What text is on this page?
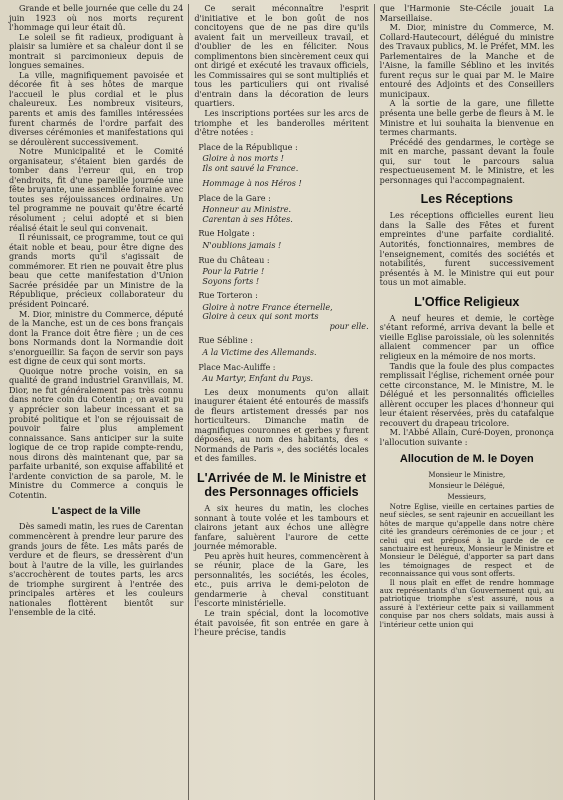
Grande et belle journée que celle du 24 juin 1923 où nos morts reçurent l'hommage qui leur était dû.

Le soleil se fit radieux, prodiguant à plaisir sa lumière et sa chaleur dont il se montrait si parcimonieux depuis de longues semaines.

La ville, magnifiquement pavoisée et décorée fit à ses hôtes de marque l'accueil le plus cordial et le plus chaleureux. Les nombreux visiteurs, parents et amis des familles intéressées furent charmés de l'ordre parfait des diverses cérémonies et manifestations qui se déroulèrent successivement.

Notre Municipalité et le Comité organisateur, s'étaient bien gardés de tomber dans l'erreur qui, en trop d'endroits, fit d'une pareille journée une fête bruyante, une assemblée foraine avec toutes ses réjouissances ordinaires. Un tel programme ne pouvait qu'être écarté résolument ; celui adopté et si bien réalisé était le seul qui convenait.

Il réunissait, ce programme, tout ce qui était noble et beau, pour être digne des grands morts qu'il s'agissait de commémorer. Et rien ne pouvait être plus beau que cette manifestation d'Union Sacrée présidée par un Ministre de la République, précieux collaborateur du président Poincaré.

M. Dior, ministre du Commerce, député de la Manche, est un de ces bons français dont la France doit être fière ; un de ces bons Normands dont la Normandie doit s'enorgueillir. Sa façon de servir son pays est digne de ceux qui sont morts.

Quoique notre proche voisin, en sa qualité de grand industriel Granvillais, M. Dior, ne fut généralement pas très connu dans notre coin du Cotentin ; on avait pu y apprécier son labeur incessant et sa probité politique et l'on se réjouissait de pouvoir faire plus amplement connaissance. Sans anticiper sur la suite logique de ce trop rapide compte-rendu, nous dirons dès maintenant que, par sa parfaite urbanité, son exquise affabilité et l'ardente conviction de sa parole, M. le Ministre du Commerce a conquis le Cotentin.

L'aspect de la Ville

Dès samedi matin, les rues de Carentan commencèrent à prendre leur parure des grands jours de fête. Les mâts parés de verdure et de fleurs, se dressèrent d'un bout à l'autre de la ville, les guirlandes s'accrochèrent de toutes parts, les arcs de triomphe surgirent à l'entrée des principales artères et les couleurs nationales flottèrent bientôt sur l'ensemble de la cité.

Ce serait méconnaître l'esprit d'initiative et le bon goût de nos concitoyens que de ne pas dire qu'ils avaient fait un merveilleux travail, et d'oublier de les en féliciter. Nous complimentons bien sincèrement ceux qui ont dirigé et exécuté les travaux officiels, les Commissaires qui se sont multipliés et tous les particuliers qui ont rivalisé d'entrain dans la décoration de leurs quartiers.

Les inscriptions portées sur les arcs de triomphe et les banderolles méritent d'être notées :

Place de la République :

Gloire à nos morts !

Ils ont sauvé la France.

Hommage à nos Héros !

Place de la Gare :

Honneur au Ministre.

Carentan à ses Hôtes.

Rue Holgate :

N'oublions jamais !

Rue du Château :

Pour la Patrie !

Soyons forts !

Rue Torteron :

Gloire à notre France éternelle,

Gloire à ceux qui sont morts

pour elle.

Rue Sébline :

A la Victime des Allemands.

Place Mac-Auliffe :

Au Martyr, Enfant du Pays.

Les deux monuments qu'on allait inaugurer étaient été entourés de massifs de fleurs artistement dressés par nos horticulteurs. Dimanche matin de magnifiques couronnes et gerbes y furent déposées, au nom des habitants, des « Normands de Paris », des sociétés locales et des familles.

L'Arrivée de M. le Ministre et des Personnages officiels

A six heures du matin, les cloches sonnant à toute volée et les tambours et clairons jetant aux échos une allègre fanfare, saluèrent l'aurore de cette journée mémorable.

Peu après huit heures, commencèrent à se réunir, place de la Gare, les personnalités, les sociétés, les écoles, etc., puis arriva le demi-peloton de gendarmerie à cheval constituant l'escorte ministérielle.

Le train spécial, dont la locomotive était pavoisée, fit son entrée en gare à l'heure précise, tandis

que l'Harmonie Ste-Cécile jouait La Marseillaise.

M. Dior, ministre du Commerce, M. Collard-Hautecourt, délégué du ministre des Travaux publics, M. le Préfet, MM. les Parlementaires de la Manche et de l'Aisne, la famille Séblino et les invités furent reçus sur le quai par M. le Maire entouré des Adjoints et des Conseillers municipaux.

A la sortie de la gare, une fillette présenta une belle gerbe de fleurs à M. le Ministre et lui souhaita la bienvenue en termes charmants.

Précédé des gendarmes, le cortège se mit en marche, passant devant la foule qui, sur tout le parcours salua respectueusement M. le Ministre, et les personnages qui l'accompagnaient.

Les Réceptions

Les réceptions officielles eurent lieu dans la Salle des Fêtes et furent empreintes d'une parfaite cordialité. Autorités, fonctionnaires, membres de l'enseignement, comités des sociétés et notabilités, furent successivement présentés à M. le Ministre qui eut pour tous un mot aimable.

L'Office Religieux

A neuf heures et demie, le cortège s'étant reformé, arriva devant la belle et vieille Eglise paroissiale, où les solennités allaient commencer par un office religieux en la mémoire de nos morts.

Tandis que la foule des plus compactes remplissait l'église, richement ornée pour cette circonstance, M. le Ministre, M. le Délégué et les personnalités officielles allèrent occuper les places d'honneur qui leur étaient réservées, près du catafalque recouvert du drapeau tricolore.

M. l'Abbé Allain, Curé-Doyen, prononça l'allocution suivante :

Allocution de M. le Doyen
Monsieur le Ministre,
Monsieur le Délégué,
Messieurs,

Notre Eglise, vieille en certaines parties de neuf siècles, se sent rajeunir en accueillant les hôtes de marque qu'appelle dans notre chère cité les grandeurs cérémonies de ce jour ; et celui qui est préposé à la garde de ce sanctuaire est heureux, Monsieur le Ministre et Monsieur le Délégué, d'apporter sa part dans les témoignages de respect et de reconnaissance qui vous sont offerts.

Il nous plaît en effet de rendre hommage aux représentants d'un Gouvernement qui, au patriotique triomphe s'est assuré, nous a assuré à l'extérieur cette paix si vaillamment conquise par nos chers soldats, mais aussi à l'intérieur cette union qui
